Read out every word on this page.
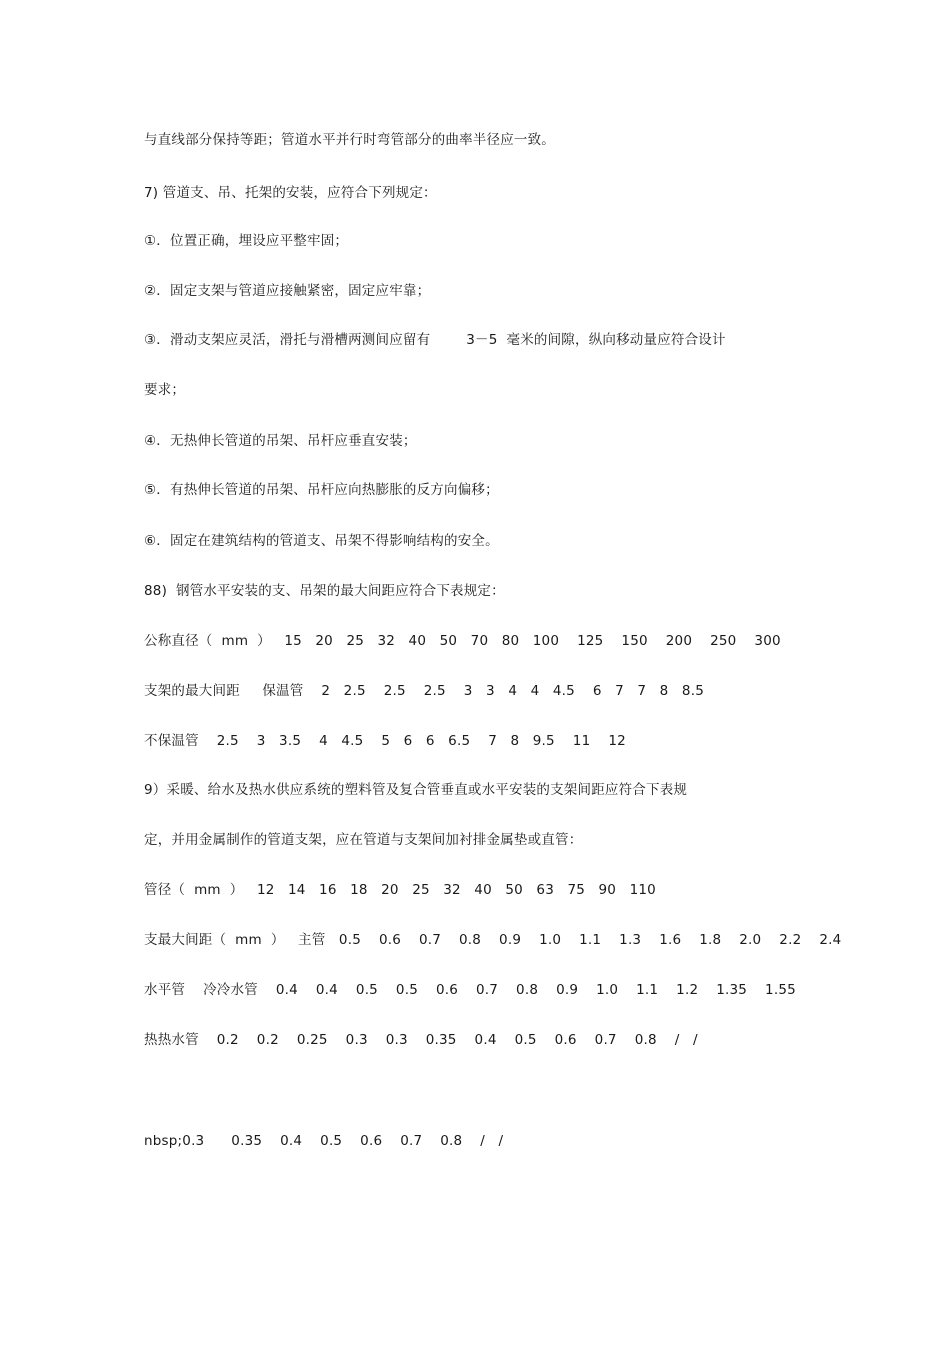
与直线部分保持等距；管道水平并行时弯管部分的曲率半径应一致。
7) 管道支、吊、托架的安装，应符合下列规定：
①．位置正确，埋设应平整牢固；
②．固定支架与管道应接触紧密，固定应牢靠；
③．滑动支架应灵活，滑托与滑槽两测间应留有        3－5  毫米的间隙，纵向移动量应符合设计
要求；
④．无热伸长管道的吊架、吊杆应垂直安装；
⑤．有热伸长管道的吊架、吊杆应向热膨胀的反方向偏移；
⑥．固定在建筑结构的管道支、吊架不得影响结构的安全。
88)  钢管水平安装的支、吊架的最大间距应符合下表规定：
公称直径（  mm  ）   15   20   25   32   40   50   70   80   100    125    150    200    250    300
支架的最大间距     保温管    2   2.5    2.5    2.5    3   3   4   4   4.5    6   7   7   8   8.5
不保温管    2.5    3   3.5    4   4.5    5   6   6   6.5    7   8   9.5    11    12
9）采暖、给水及热水供应系统的塑料管及复合管垂直或水平安装的支架间距应符合下表规
定，并用金属制作的管道支架，应在管道与支架间加衬排金属垫或直管：
管径（  mm  ）   12   14   16   18   20   25   32   40   50   63   75   90   110
支最大间距（  mm  ）   主管   0.5    0.6    0.7    0.8    0.9    1.0    1.1    1.3    1.6    1.8    2.0    2.2    2.4
水平管    冷冷水管    0.4    0.4    0.5    0.5    0.6    0.7    0.8    0.9    1.0    1.1    1.2    1.35    1.55
热热水管    0.2    0.2    0.25    0.3    0.3    0.35    0.4    0.5    0.6    0.7    0.8    /   /
nbsp;0.3      0.35    0.4    0.5    0.6    0.7    0.8    /   /
